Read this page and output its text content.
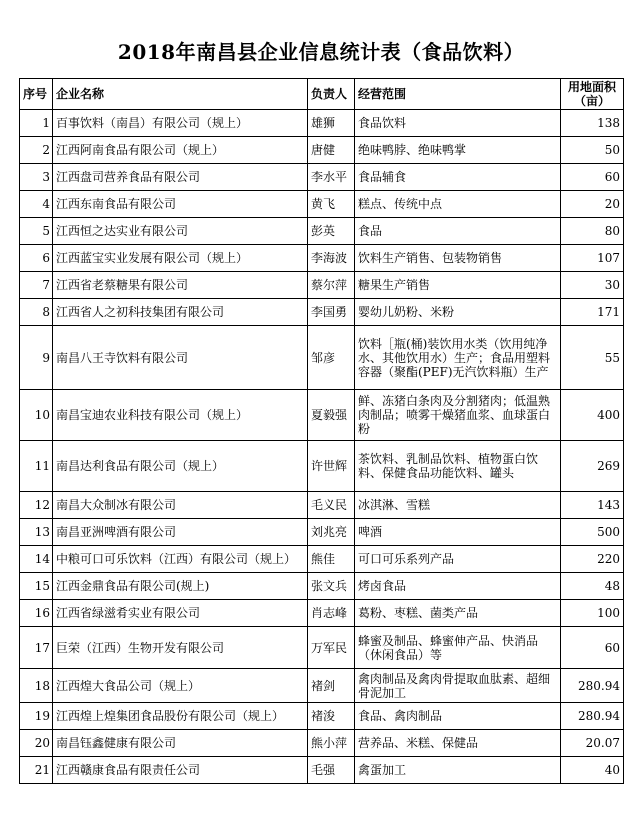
2018年南昌县企业信息统计表（食品饮料）
序号	企业名称	负责人	经营范围	用地面积（亩）
1	百事饮料（南昌）有限公司（规上）	雄狮	食品饮料	138
2	江西阿南食品有限公司（规上）	唐健	绝味鸭脖、绝味鸭掌	50
3	江西盘司营养食品有限公司	李水平	食品辅食	60
4	江西东南食品有限公司	黄飞	糕点、传统中点	20
5	江西恒之达实业有限公司	彭英	食品	80
6	江西蓝宝实业发展有限公司（规上）	李海波	饮料生产销售、包装物销售	107
7	江西省老蔡糖果有限公司	蔡尔萍	糖果生产销售	30
8	江西省人之初科技集团有限公司	李国勇	婴幼儿奶粉、米粉	171
9	南昌八王寺饮料有限公司	邹彦	饮料［瓶(桶)装饮用水类（饮用纯净水、其他饮用水）生产；食品用塑料容器（聚酯(PEF)无汽饮料瓶）生产	55
10	南昌宝迪农业科技有限公司（规上）	夏毅强	鲜、冻猪白条肉及分割猪肉；低温熟肉制品；喷雾干燥猪血浆、血球蛋白粉	400
11	南昌达利食品有限公司（规上）	许世辉	茶饮料、乳制品饮料、植物蛋白饮料、保健食品功能饮料、罐头	269
12	南昌大众制冰有限公司	毛义民	冰淇淋、雪糕	143
13	南昌亚洲啤酒有限公司	刘兆亮	啤酒	500
14	中粮可口可乐饮料（江西）有限公司（规上）	熊佳	可口可乐系列产品	220
15	江西金鼎食品有限公司(规上)	张文兵	烤卤食品	48
16	江西省绿滋肴实业有限公司	肖志峰	葛粉、枣糕、菌类产品	100
17	巨荣（江西）生物开发有限公司	万军民	蜂蜜及制品、蜂蜜伸产品、快消品（休闲食品）等	60
18	江西煌大食品公司（规上）	褚剑	禽肉制品及禽肉骨提取血肽素、超细骨泥加工	280.94
19	江西煌上煌集团食品股份有限公司（规上）	褚浚	食品、禽肉制品	280.94
20	南昌钰鑫健康有限公司	熊小萍	营养品、米糕、保健品	20.07
21	江西赣康食品有限责任公司	毛强	禽蛋加工	40
